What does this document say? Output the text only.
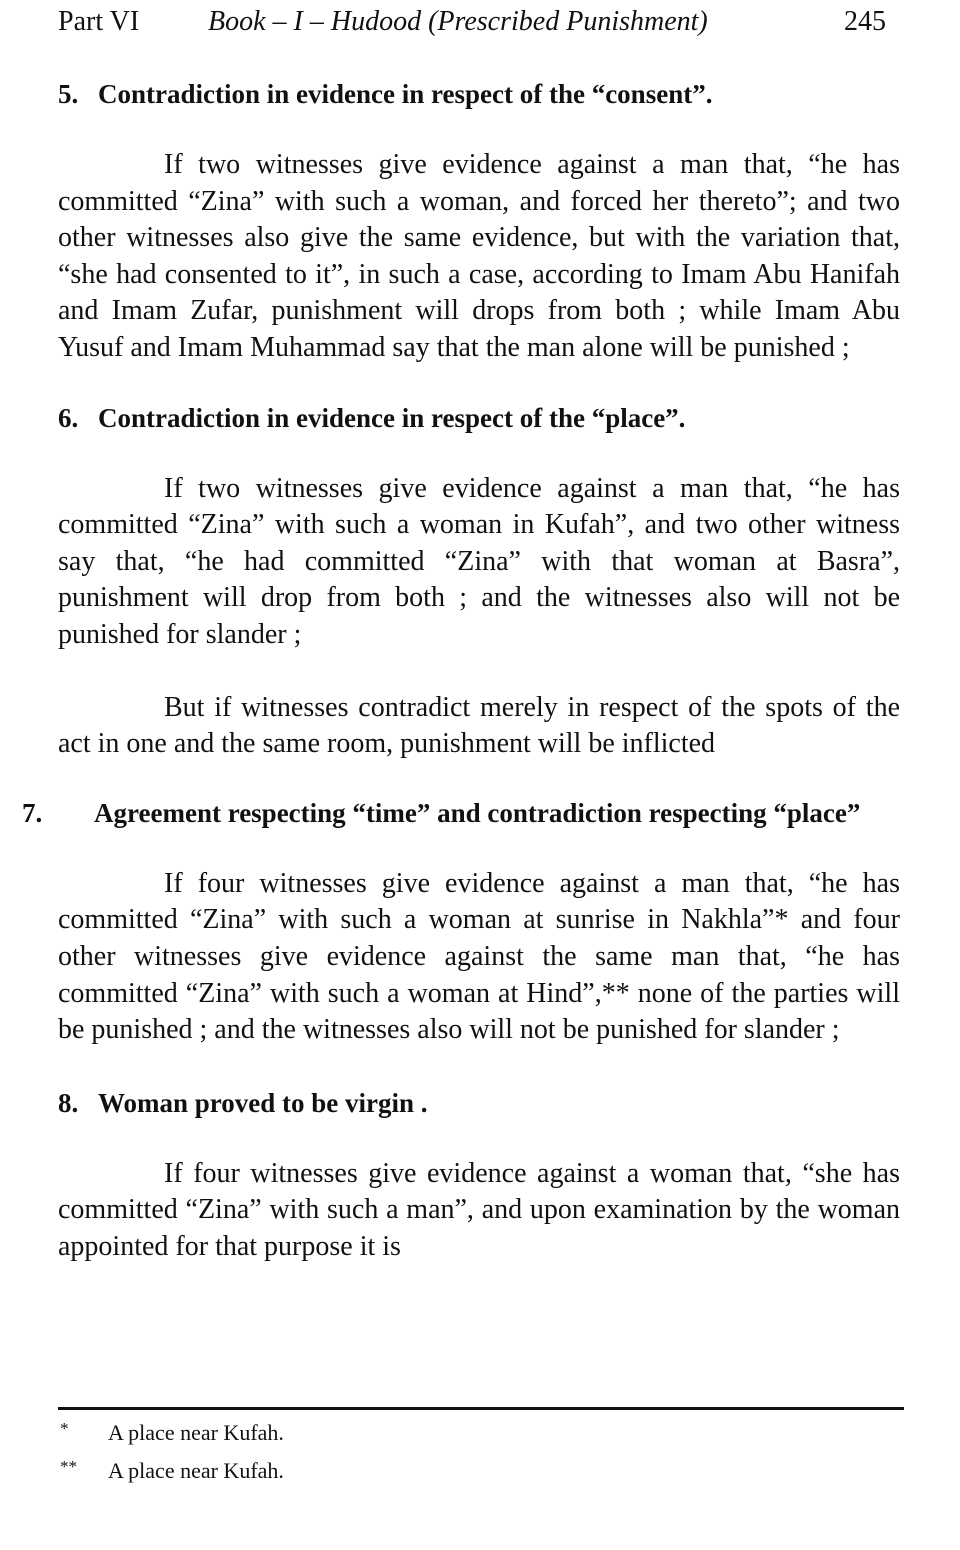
Part VI Book – I – Hudood (Prescribed Punishment)	245
5. Contradiction in evidence in respect of the “consent”.

If two witnesses give evidence against a man that, “he has committed “Zina” with such a woman, and forced her thereto”; and two other witnesses also give the same evidence, but with the variation that, “she had consented to it”, in such a case, according to Imam Abu Hanifah and Imam Zufar, punishment will drops from both ; while Imam Abu Yusuf and Imam Muhammad say that the man alone will be punished ;

6. Contradiction in evidence in respect of the “place”.

If two witnesses give evidence against a man that, “he has committed “Zina” with such a woman in Kufah”, and two other witness say that, “he had committed “Zina” with that woman at Basra”, punishment will drop from both ; and the witnesses also will not be punished for slander ;

But if witnesses contradict merely in respect of the spots of the act in one and the same room, punishment will be inflicted

7. Agreement respecting “time” and contradiction respecting “place”

If four witnesses give evidence against a man that, “he has committed “Zina” with such a woman at sunrise in Nakhla”* and four other witnesses give evidence against the same man that, “he has committed “Zina” with such a woman at Hind”,** none of the parties will be punished ; and the witnesses also will not be punished for slander ;

8. Woman proved to be virgin .

If four witnesses give evidence against a woman that, “she has committed “Zina” with such a man”, and upon examination by the woman appointed for that purpose it is

* A place near Kufah.
** A place near Kufah.
